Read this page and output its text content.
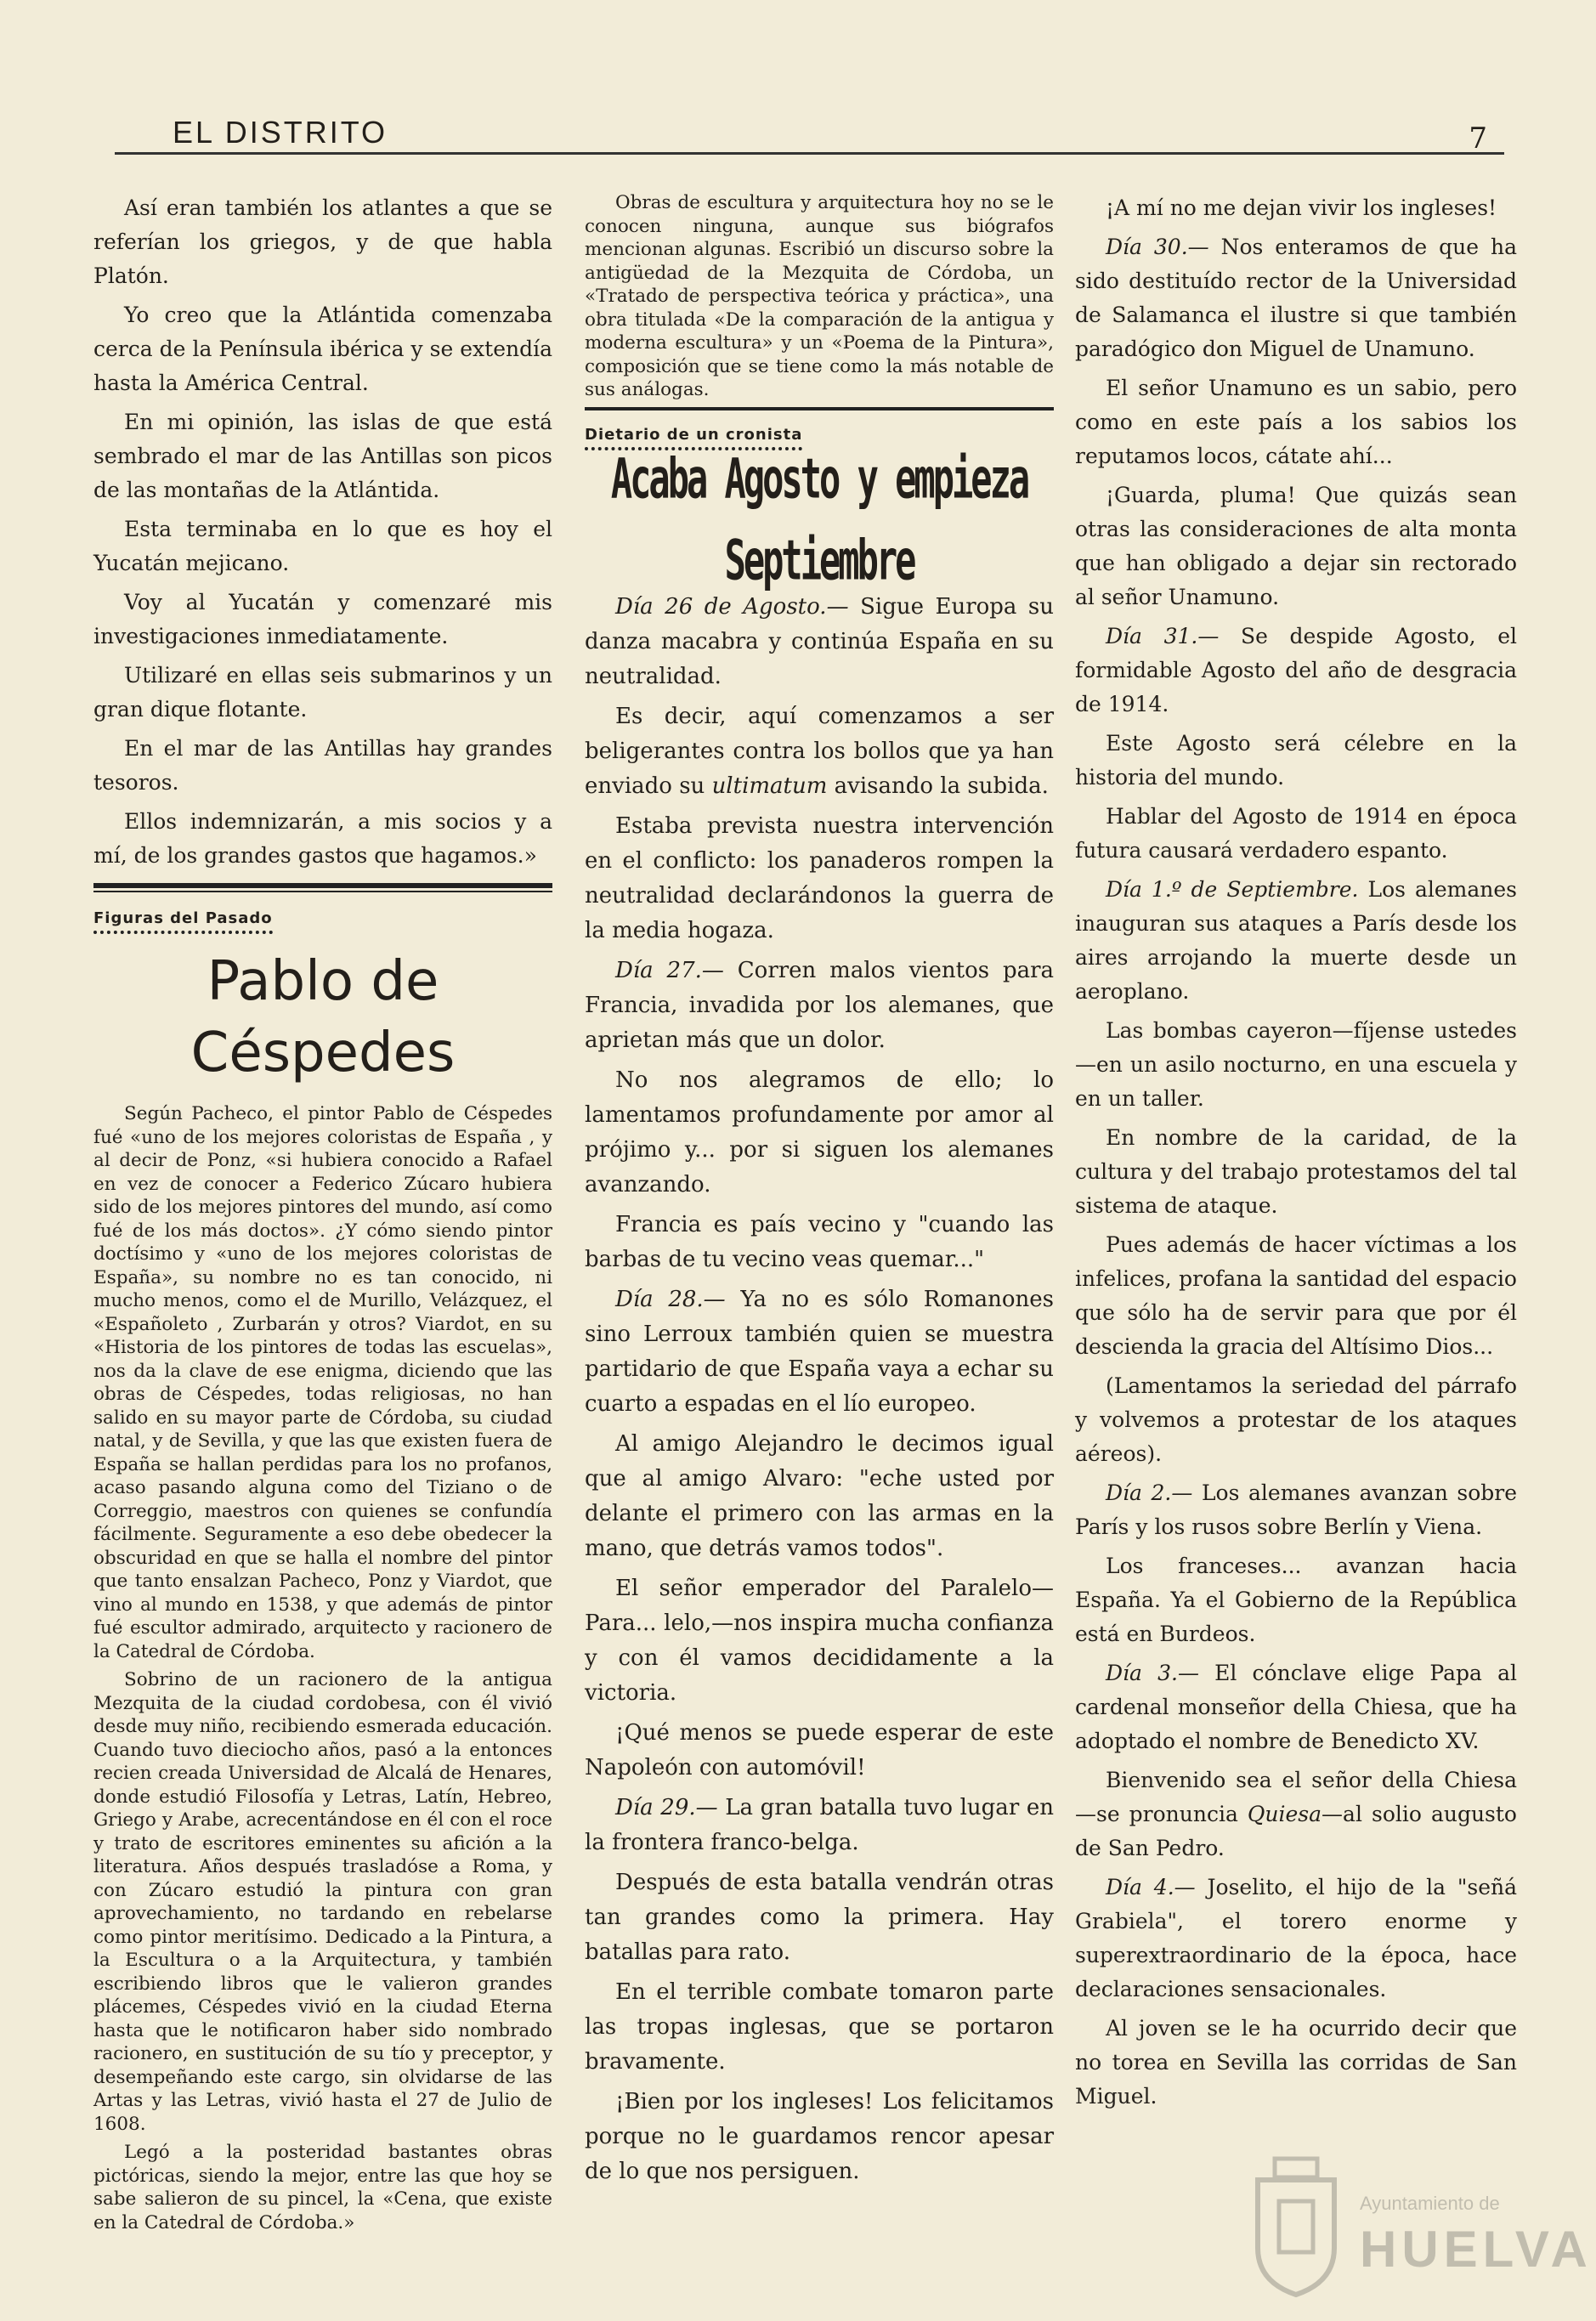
EL DISTRITO	7

Así eran también los atlantes a que se referían los griegos, y de que habla Platón.

Yo creo que la Atlántida comenzaba cerca de la Península ibérica y se extendía hasta la América Central.

En mi opinión, las islas de que está sembrado el mar de las Antillas son picos de las montañas de la Atlántida.

Esta terminaba en lo que es hoy el Yucatán mejicano.

Voy al Yucatán y comenzaré mis investigaciones inmediatamente.

Utilizaré en ellas seis submarinos y un gran dique flotante.

En el mar de las Antillas hay grandes tesoros.

Ellos indemnizarán, a mis socios y a mí, de los grandes gastos que hagamos.»

Figuras del Pasado
Pablo de Céspedes

Según Pacheco, el pintor Pablo de Céspedes fué «uno de los mejores coloristas de España , y al decir de Ponz, «si hubiera conocido a Rafael en vez de conocer a Federico Zúcaro hubiera sido de los mejores pintores del mundo, así como fué de los más doctos». ¿Y cómo siendo pintor doctísimo y «uno de los mejores coloristas de España», su nombre no es tan conocido, ni mucho menos, como el de Murillo, Velázquez, el «Españoleto , Zurbarán y otros? Viardot, en su «Historia de los pintores de todas las escuelas», nos da la clave de ese enigma, diciendo que las obras de Céspedes, todas religiosas, no han salido en su mayor parte de Córdoba, su ciudad natal, y de Sevilla, y que las que existen fuera de España se hallan perdidas para los no profanos, acaso pasando alguna como del Tiziano o de Correggio, maestros con quienes se confundía fácilmente. Seguramente a eso debe obedecer la obscuridad en que se halla el nombre del pintor que tanto ensalzan Pacheco, Ponz y Viardot, que vino al mundo en 1538, y que además de pintor fué escultor admirado, arquitecto y racionero de la Catedral de Córdoba.

Sobrino de un racionero de la antigua Mezquita de la ciudad cordobesa, con él vivió desde muy niño, recibiendo esmerada educación. Cuando tuvo dieciocho años, pasó a la entonces recien creada Universidad de Alcalá de Henares, donde estudió Filosofía y Letras, Latín, Hebreo, Griego y Arabe, acrecentándose en él con el roce y trato de escritores eminentes su afición a la literatura. Años después trasladóse a Roma, y con Zúcaro estudió la pintura con gran aprovechamiento, no tardando en rebelarse como pintor meritísimo. Dedicado a la Pintura, a la Escultura o a la Arquitectura, y también escribiendo libros que le valieron grandes plácemes, Céspedes vivió en la ciudad Eterna hasta que le notificaron haber sido nombrado racionero, en sustitución de su tío y preceptor, y desempeñando este cargo, sin olvidarse de las Artas y las Letras, vivió hasta el 27 de Julio de 1608.

Legó a la posteridad bastantes obras pictóricas, siendo la mejor, entre las que hoy se sabe salieron de su pincel, la «Cena, que existe en la Catedral de Córdoba.»

Obras de escultura y arquitectura hoy no se le conocen ninguna, aunque sus biógrafos mencionan algunas. Escribió un discurso sobre la antigüedad de la Mezquita de Córdoba, un «Tratado de perspectiva teórica y práctica», una obra titulada «De la comparación de la antigua y moderna escultura» y un «Poema de la Pintura», composición que se tiene como la más notable de sus análogas.

Dietario de un cronista
Acaba Agosto y empieza Septiembre

Día 26 de Agosto.— Sigue Europa su danza macabra y continúa España en su neutralidad.

Es decir, aquí comenzamos a ser beligerantes contra los bollos que ya han enviado su ultimatum avisando la subida.

Estaba prevista nuestra intervención en el conflicto: los panaderos rompen la neutralidad declarándonos la guerra de la media hogaza.

Día 27.— Corren malos vientos para Francia, invadida por los alemanes, que aprietan más que un dolor.

No nos alegramos de ello; lo lamentamos profundamente por amor al prójimo y... por si siguen los alemanes avanzando.

Francia es país vecino y "cuando las barbas de tu vecino veas quemar..."

Día 28.— Ya no es sólo Romanones sino Lerroux también quien se muestra partidario de que España vaya a echar su cuarto a espadas en el lío europeo.

Al amigo Alejandro le decimos igual que al amigo Alvaro: "eche usted por delante el primero con las armas en la mano, que detrás vamos todos".

El señor emperador del Paralelo—Para... lelo,—nos inspira mucha confianza y con él vamos decididamente a la victoria.

¡Qué menos se puede esperar de este Napoleón con automóvil!

Día 29.— La gran batalla tuvo lugar en la frontera franco-belga.

Después de esta batalla vendrán otras tan grandes como la primera. Hay batallas para rato.

En el terrible combate tomaron parte las tropas inglesas, que se portaron bravamente.

¡Bien por los ingleses! Los felicitamos porque no le guardamos rencor apesar de lo que nos persiguen.

¡A mí no me dejan vivir los ingleses!

Día 30.— Nos enteramos de que ha sido destituído rector de la Universidad de Salamanca el ilustre si que también paradógico don Miguel de Unamuno.

El señor Unamuno es un sabio, pero como en este país a los sabios los reputamos locos, cátate ahí...

¡Guarda, pluma! Que quizás sean otras las consideraciones de alta monta que han obligado a dejar sin rectorado al señor Unamuno.

Día 31.— Se despide Agosto, el formidable Agosto del año de desgracia de 1914.

Este Agosto será célebre en la historia del mundo.

Hablar del Agosto de 1914 en época futura causará verdadero espanto.

Día 1.º de Septiembre. Los alemanes inauguran sus ataques a París desde los aires arrojando la muerte desde un aeroplano.

Las bombas cayeron—fíjense ustedes—en un asilo nocturno, en una escuela y en un taller.

En nombre de la caridad, de la cultura y del trabajo protestamos del tal sistema de ataque.

Pues además de hacer víctimas a los infelices, profana la santidad del espacio que sólo ha de servir para que por él descienda la gracia del Altísimo Dios...

(Lamentamos la seriedad del párrafo y volvemos a protestar de los ataques aéreos).

Día 2.— Los alemanes avanzan sobre París y los rusos sobre Berlín y Viena.

Los franceses... avanzan hacia España. Ya el Gobierno de la República está en Burdeos.

Día 3.— El cónclave elige Papa al cardenal monseñor della Chiesa, que ha adoptado el nombre de Benedicto XV.

Bienvenido sea el señor della Chiesa—se pronuncia Quiesa—al solio augusto de San Pedro.

Día 4.— Joselito, el hijo de la "señá Grabiela", el torero enorme y superextraordinario de la época, hace declaraciones sensacionales.

Al joven se le ha ocurrido decir que no torea en Sevilla las corridas de San Miguel.

Ayuntamiento de
HUELVA
